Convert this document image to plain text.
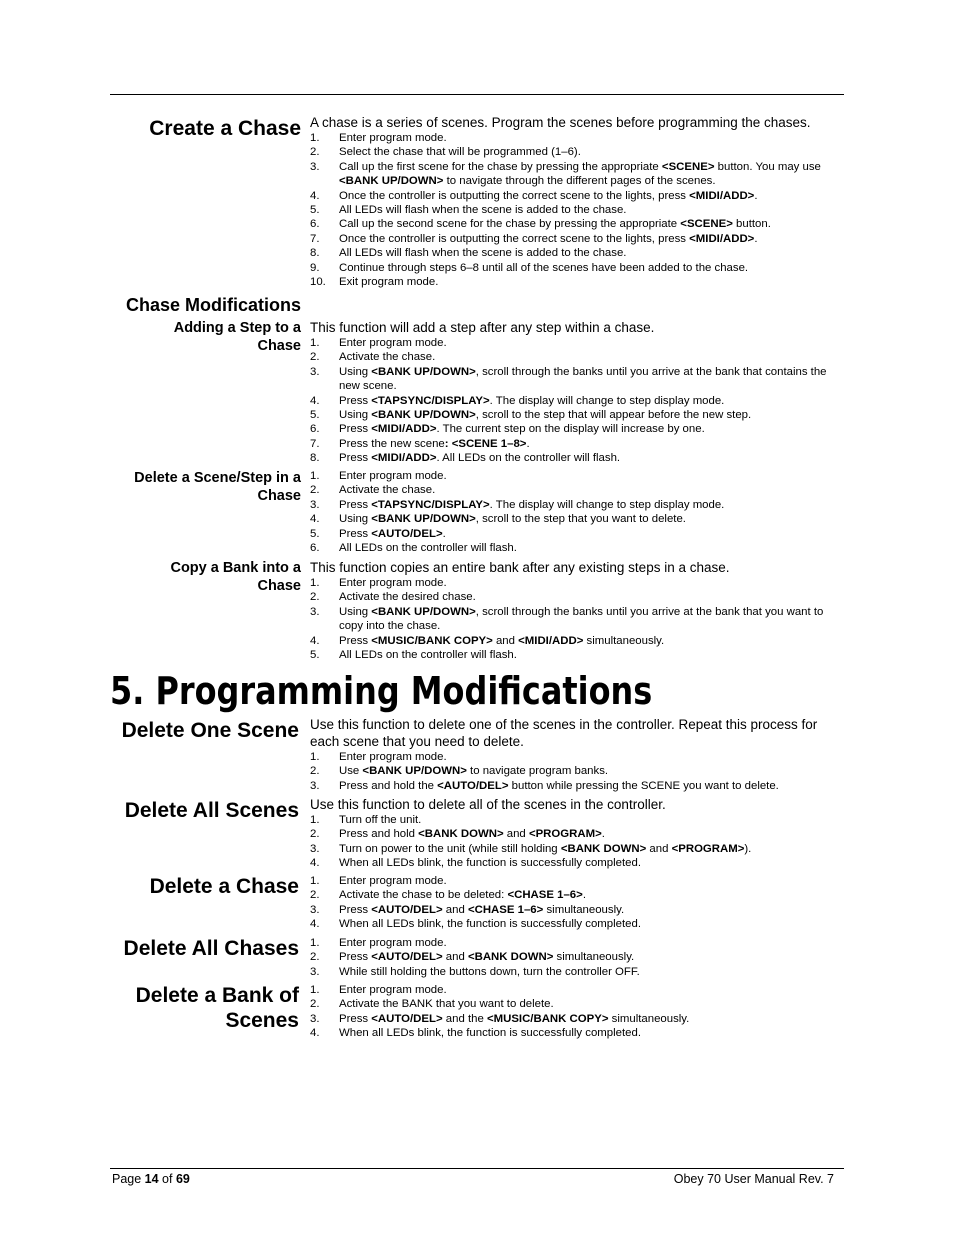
Create a Chase A chase is a series of scenes. Program the scenes before programming the chases.

1. Enter program mode.
2. Select the chase that will be programmed (1–6).
3. Call up the first scene for the chase by pressing the appropriate <SCENE> button. You may use <BANK UP/DOWN> to navigate through the different pages of the scenes.
4. Once the controller is outputting the correct scene to the lights, press <MIDI/ADD>.
5. All LEDs will flash when the scene is added to the chase.
6. Call up the second scene for the chase by pressing the appropriate <SCENE> button.
7. Once the controller is outputting the correct scene to the lights, press <MIDI/ADD>.
8. All LEDs will flash when the scene is added to the chase.
9. Continue through steps 6–8 until all of the scenes have been added to the chase.
10. Exit program mode.
Chase Modifications
Adding a Step to a Chase

This function will add a step after any step within a chase.

1. Enter program mode.
2. Activate the chase.
3. Using <BANK UP/DOWN>, scroll through the banks until you arrive at the bank that contains the new scene.
4. Press <TAPSYNC/DISPLAY>. The display will change to step display mode.
5. Using <BANK UP/DOWN>, scroll to the step that will appear before the new step.
6. Press <MIDI/ADD>. The current step on the display will increase by one.
7. Press the new scene: <SCENE 1–8>.
8. Press <MIDI/ADD>. All LEDs on the controller will flash.
Delete a Scene/Step in a Chase
1. Enter program mode.
2. Activate the chase.
3. Press <TAPSYNC/DISPLAY>. The display will change to step display mode.
4. Using <BANK UP/DOWN>, scroll to the step that you want to delete.
5. Press <AUTO/DEL>.
6. All LEDs on the controller will flash.
Copy a Bank into a Chase

This function copies an entire bank after any existing steps in a chase.

1. Enter program mode.
2. Activate the desired chase.
3. Using <BANK UP/DOWN>, scroll through the banks until you arrive at the bank that you want to copy into the chase.
4. Press <MUSIC/BANK COPY> and <MIDI/ADD> simultaneously.
5. All LEDs on the controller will flash.
5. Programming Modifications
Delete One Scene Use this function to delete one of the scenes in the controller. Repeat this process for each scene that you need to delete.

1. Enter program mode.
2. Use <BANK UP/DOWN> to navigate program banks.
3. Press and hold the <AUTO/DEL> button while pressing the SCENE you want to delete.
Delete All Scenes Use this function to delete all of the scenes in the controller.

1. Turn off the unit.
2. Press and hold <BANK DOWN> and <PROGRAM>.
3. Turn on power to the unit (while still holding <BANK DOWN> and <PROGRAM>).
4. When all LEDs blink, the function is successfully completed.
Delete a Chase 1. Enter program mode.
2. Activate the chase to be deleted: <CHASE 1–6>.
3. Press <AUTO/DEL> and <CHASE 1–6> simultaneously.
4. When all LEDs blink, the function is successfully completed.
Delete All Chases 1. Enter program mode.
2. Press <AUTO/DEL> and <BANK DOWN> simultaneously.
3. While still holding the buttons down, turn the controller OFF.
Delete a Bank of Scenes
1. Enter program mode.
2. Activate the BANK that you want to delete.
3. Press <AUTO/DEL> and the <MUSIC/BANK COPY> simultaneously.
4. When all LEDs blink, the function is successfully completed.
Page 14 of 69	Obey 70 User Manual Rev. 7
